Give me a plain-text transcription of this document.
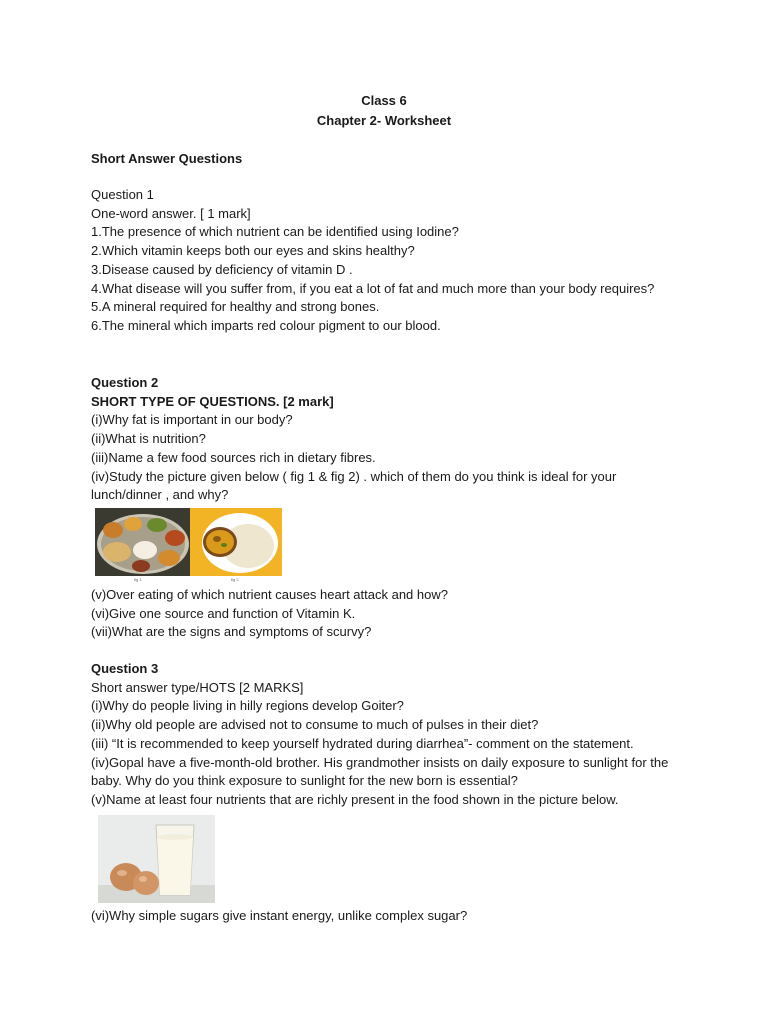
Class 6
Chapter 2- Worksheet
Short Answer Questions

Question 1

One-word answer. [ 1 mark]

1.The presence of which nutrient can be identified using Iodine?

2.Which vitamin keeps both our eyes and skins healthy?

3.Disease caused by deficiency of vitamin D .

4.What disease will you suffer from, if you eat a lot of fat and much more than your body requires?

5.A mineral required for healthy and strong bones.

6.The mineral which imparts red colour pigment to our blood.

Question 2

SHORT TYPE OF QUESTIONS. [2 mark]

(i)Why fat is important in our body?

(ii)What is nutrition?

(iii)Name a few food sources rich in dietary fibres.

(iv)Study the picture given below ( fig 1 & fig 2) . which of them do you think is ideal for your lunch/dinner , and why?

fig 1	fig 2

(v)Over eating of which nutrient causes heart attack and how?

(vi)Give one source and function of Vitamin K.

(vii)What are the signs and symptoms of scurvy?

Question 3

Short answer type/HOTS [2 MARKS]

(i)Why do people living in hilly regions develop Goiter?

(ii)Why old people are advised not to consume to much of pulses in their diet?

(iii) “It is recommended to keep yourself hydrated during diarrhea”- comment on the statement.

(iv)Gopal have a five-month-old brother. His grandmother insists on daily exposure to sunlight for the baby. Why do you think exposure to sunlight for the new born is essential?

(v)Name at least four nutrients that are richly present in the food shown in the picture below.

(vi)Why simple sugars give instant energy, unlike complex sugar?
